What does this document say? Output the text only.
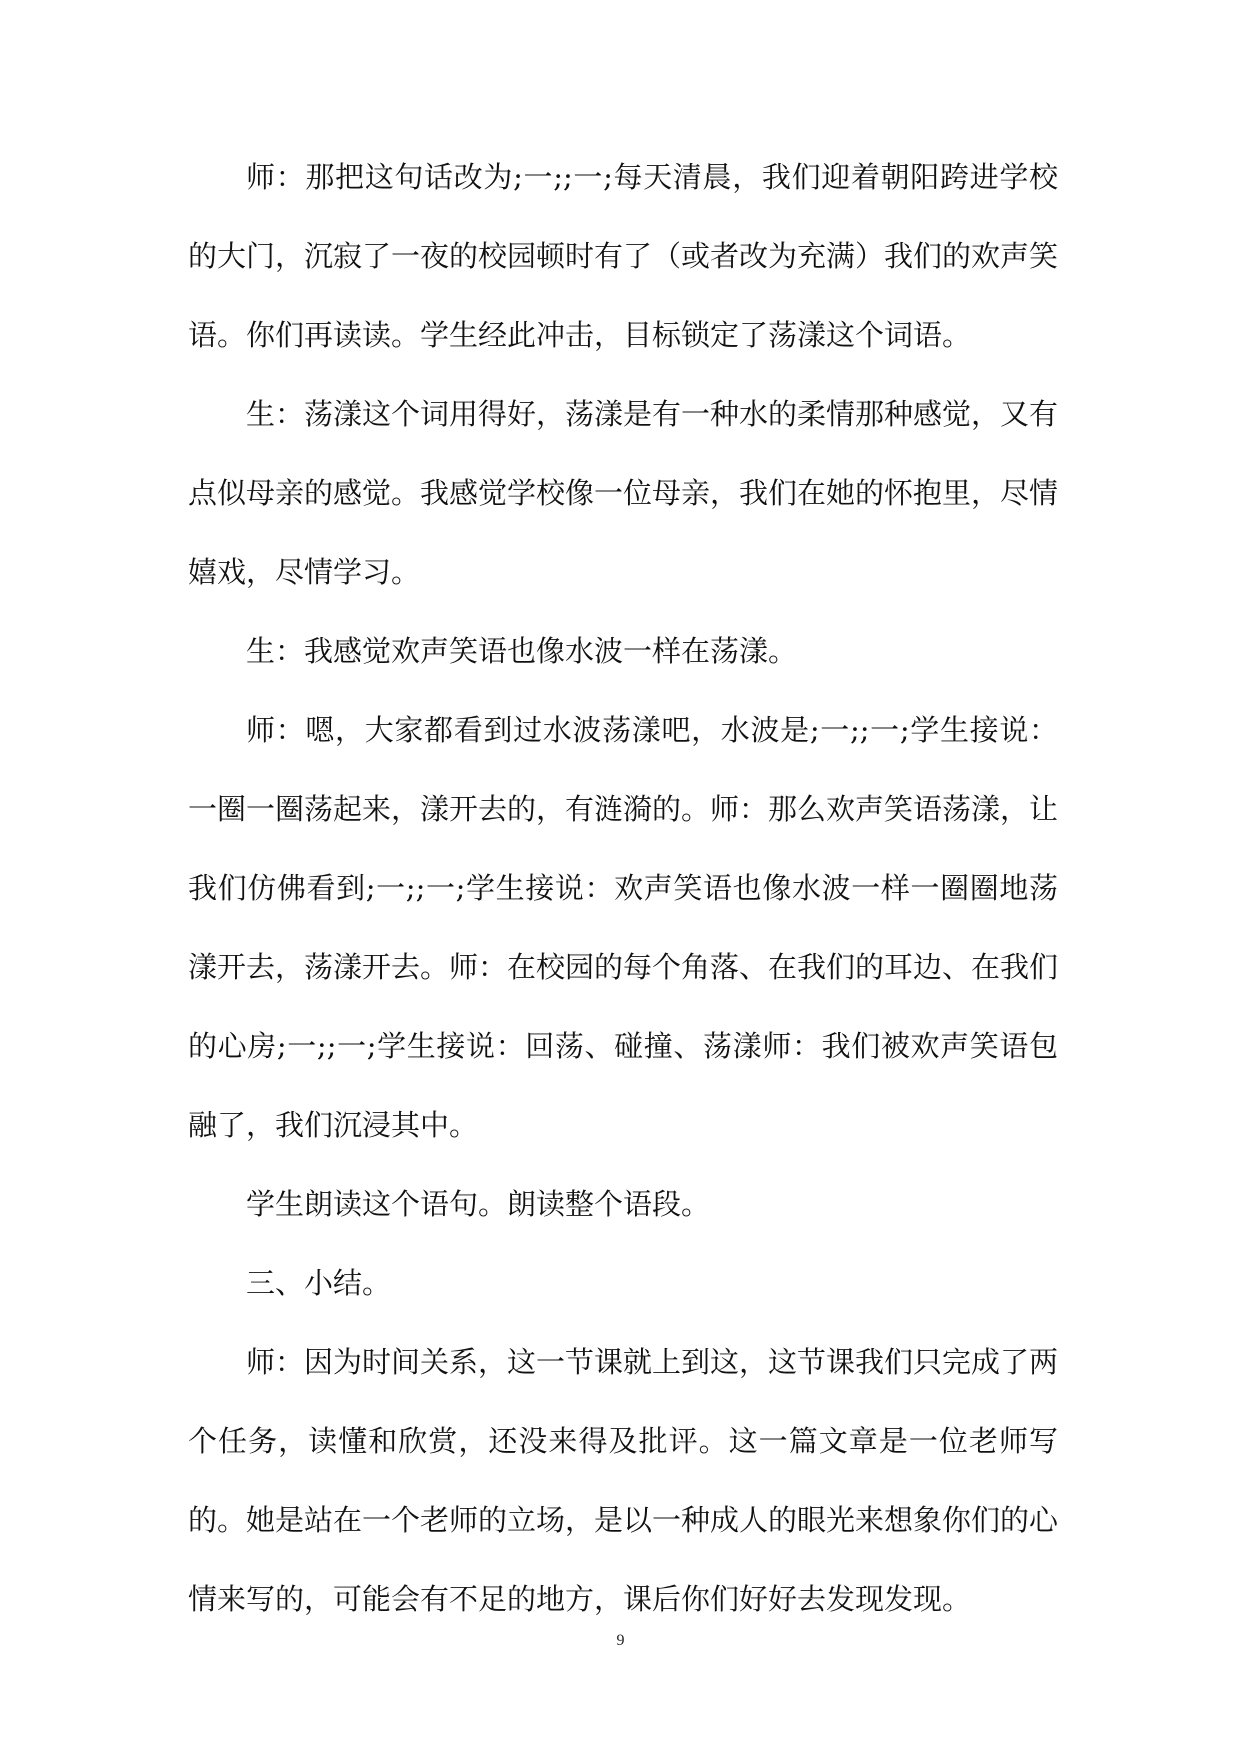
师：那把这句话改为;一;;一;每天清晨，我们迎着朝阳跨进学校的大门，沉寂了一夜的校园顿时有了（或者改为充满）我们的欢声笑语。你们再读读。学生经此冲击，目标锁定了荡漾这个词语。

生：荡漾这个词用得好，荡漾是有一种水的柔情那种感觉，又有点似母亲的感觉。我感觉学校像一位母亲，我们在她的怀抱里，尽情嬉戏，尽情学习。

生：我感觉欢声笑语也像水波一样在荡漾。

师：嗯，大家都看到过水波荡漾吧，水波是;一;;一;学生接说：一圈一圈荡起来，漾开去的，有涟漪的。师：那么欢声笑语荡漾，让我们仿佛看到;一;;一;学生接说：欢声笑语也像水波一样一圈圈地荡漾开去，荡漾开去。师：在校园的每个角落、在我们的耳边、在我们的心房;一;;一;学生接说：回荡、碰撞、荡漾师：我们被欢声笑语包融了，我们沉浸其中。

学生朗读这个语句。朗读整个语段。

三、小结。

师：因为时间关系，这一节课就上到这，这节课我们只完成了两个任务，读懂和欣赏，还没来得及批评。这一篇文章是一位老师写的。她是站在一个老师的立场，是以一种成人的眼光来想象你们的心情来写的，可能会有不足的地方，课后你们好好去发现发现。

9
